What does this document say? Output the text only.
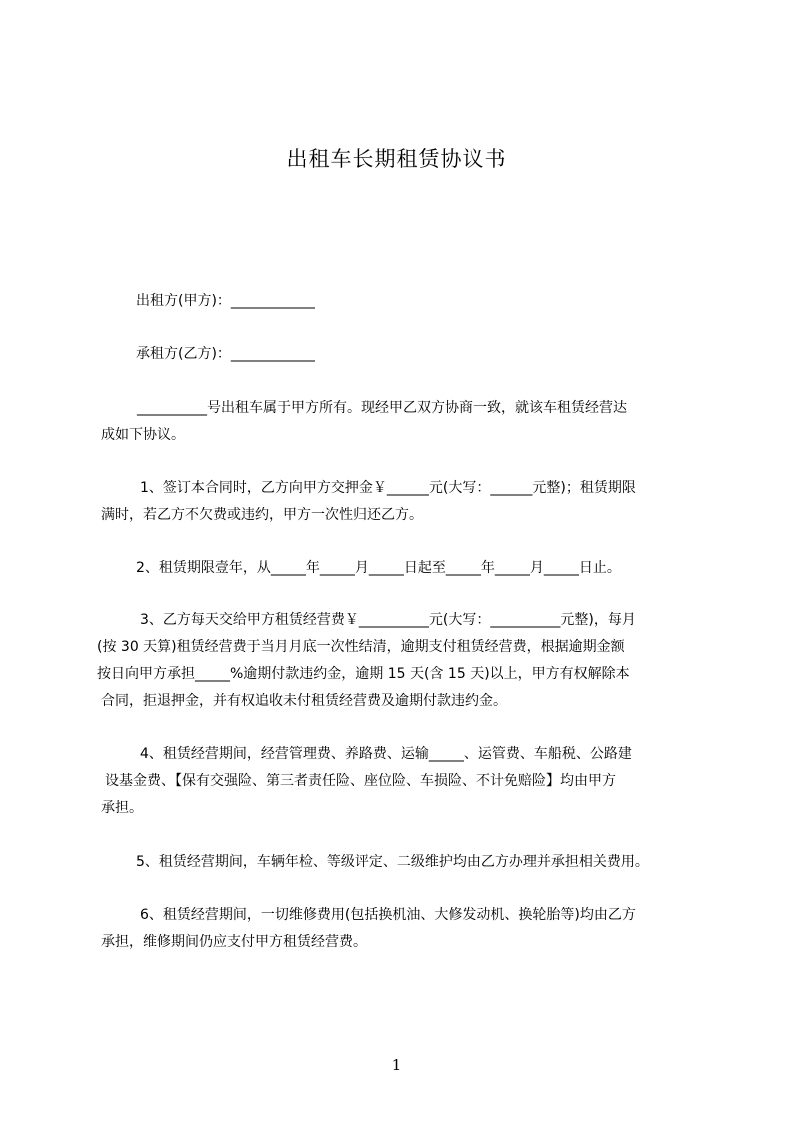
出租车长期租赁协议书
出租方(甲方)：____________
承租方(乙方)：____________
__________号出租车属于甲方所有。现经甲乙双方协商一致，就该车租赁经营达
成如下协议。
1、签订本合同时，乙方向甲方交押金￥______元(大写：______元整)；租赁期限
满时，若乙方不欠费或违约，甲方一次性归还乙方。
2、租赁期限壹年，从_____年_____月_____日起至_____年_____月_____日止。
3、乙方每天交给甲方租赁经营费￥__________元(大写：__________元整)，每月
(按 30 天算)租赁经营费于当月月底一次性结清，逾期支付租赁经营费，根据逾期金额
按日向甲方承担_____%逾期付款违约金，逾期 15 天(含 15 天)以上，甲方有权解除本
合同，拒退押金，并有权追收未付租赁经营费及逾期付款违约金。
4、租赁经营期间，经营管理费、养路费、运输_____、运管费、车船税、公路建
设基金费、【保有交强险、第三者责任险、座位险、车损险、不计免赔险】均由甲方
承担。
5、租赁经营期间，车辆年检、等级评定、二级维护均由乙方办理并承担相关费用。
6、租赁经营期间，一切维修费用(包括换机油、大修发动机、换轮胎等)均由乙方
承担，维修期间仍应支付甲方租赁经营费。
1
